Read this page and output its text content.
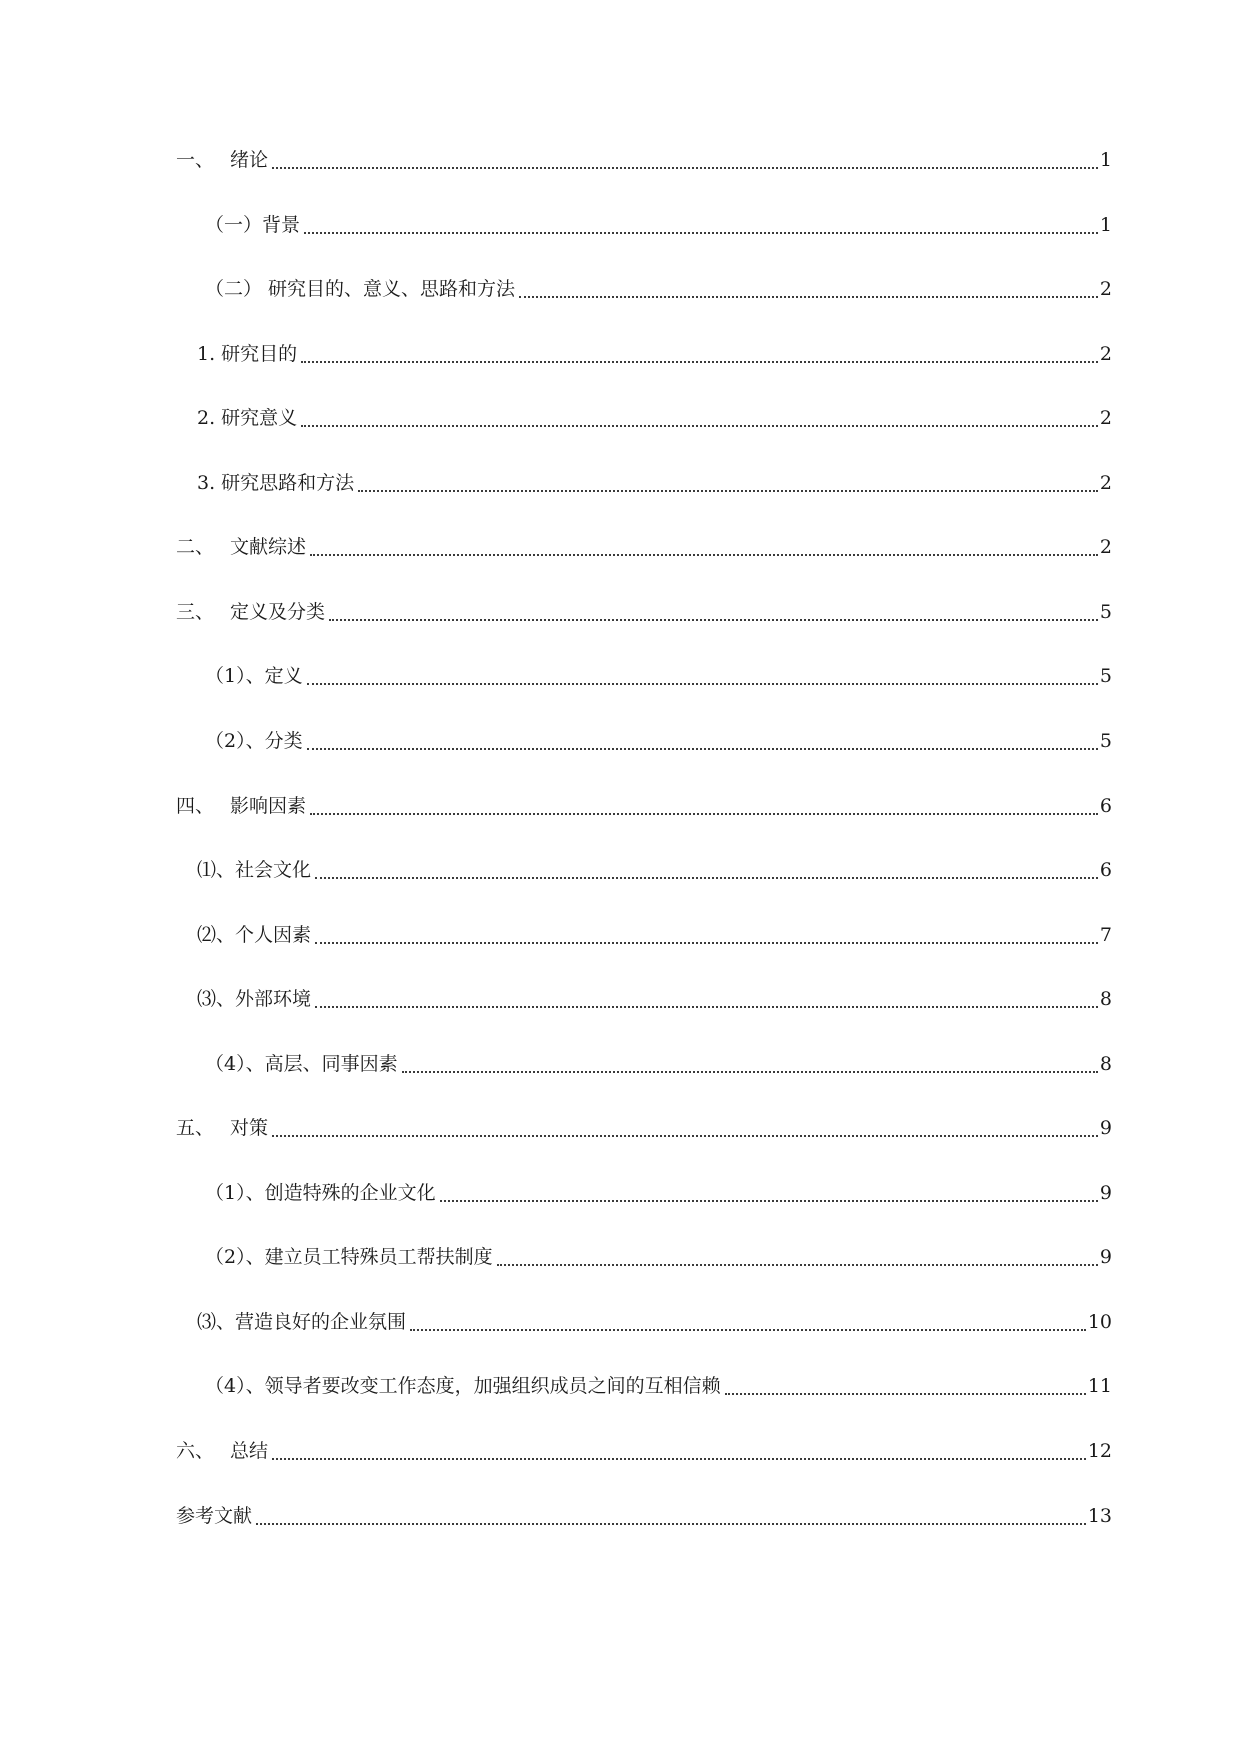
一、 绪论	1
（一）背景	1
（二） 研究目的、意义、思路和方法	2
1. 研究目的	2
2. 研究意义	2
3. 研究思路和方法	2
二、 文献综述	2
三、 定义及分类	5
（1）、定义	5
（2）、分类	5
四、 影响因素	6
⑴、社会文化	6
⑵、个人因素	7
⑶、外部环境	8
（4）、高层、同事因素	8
五、 对策	9
（1）、创造特殊的企业文化	9
（2）、建立员工特殊员工帮扶制度	9
⑶、营造良好的企业氛围	10
（4）、领导者要改变工作态度，加强组织成员之间的互相信赖	11
六、 总结	12
参考文献	13
